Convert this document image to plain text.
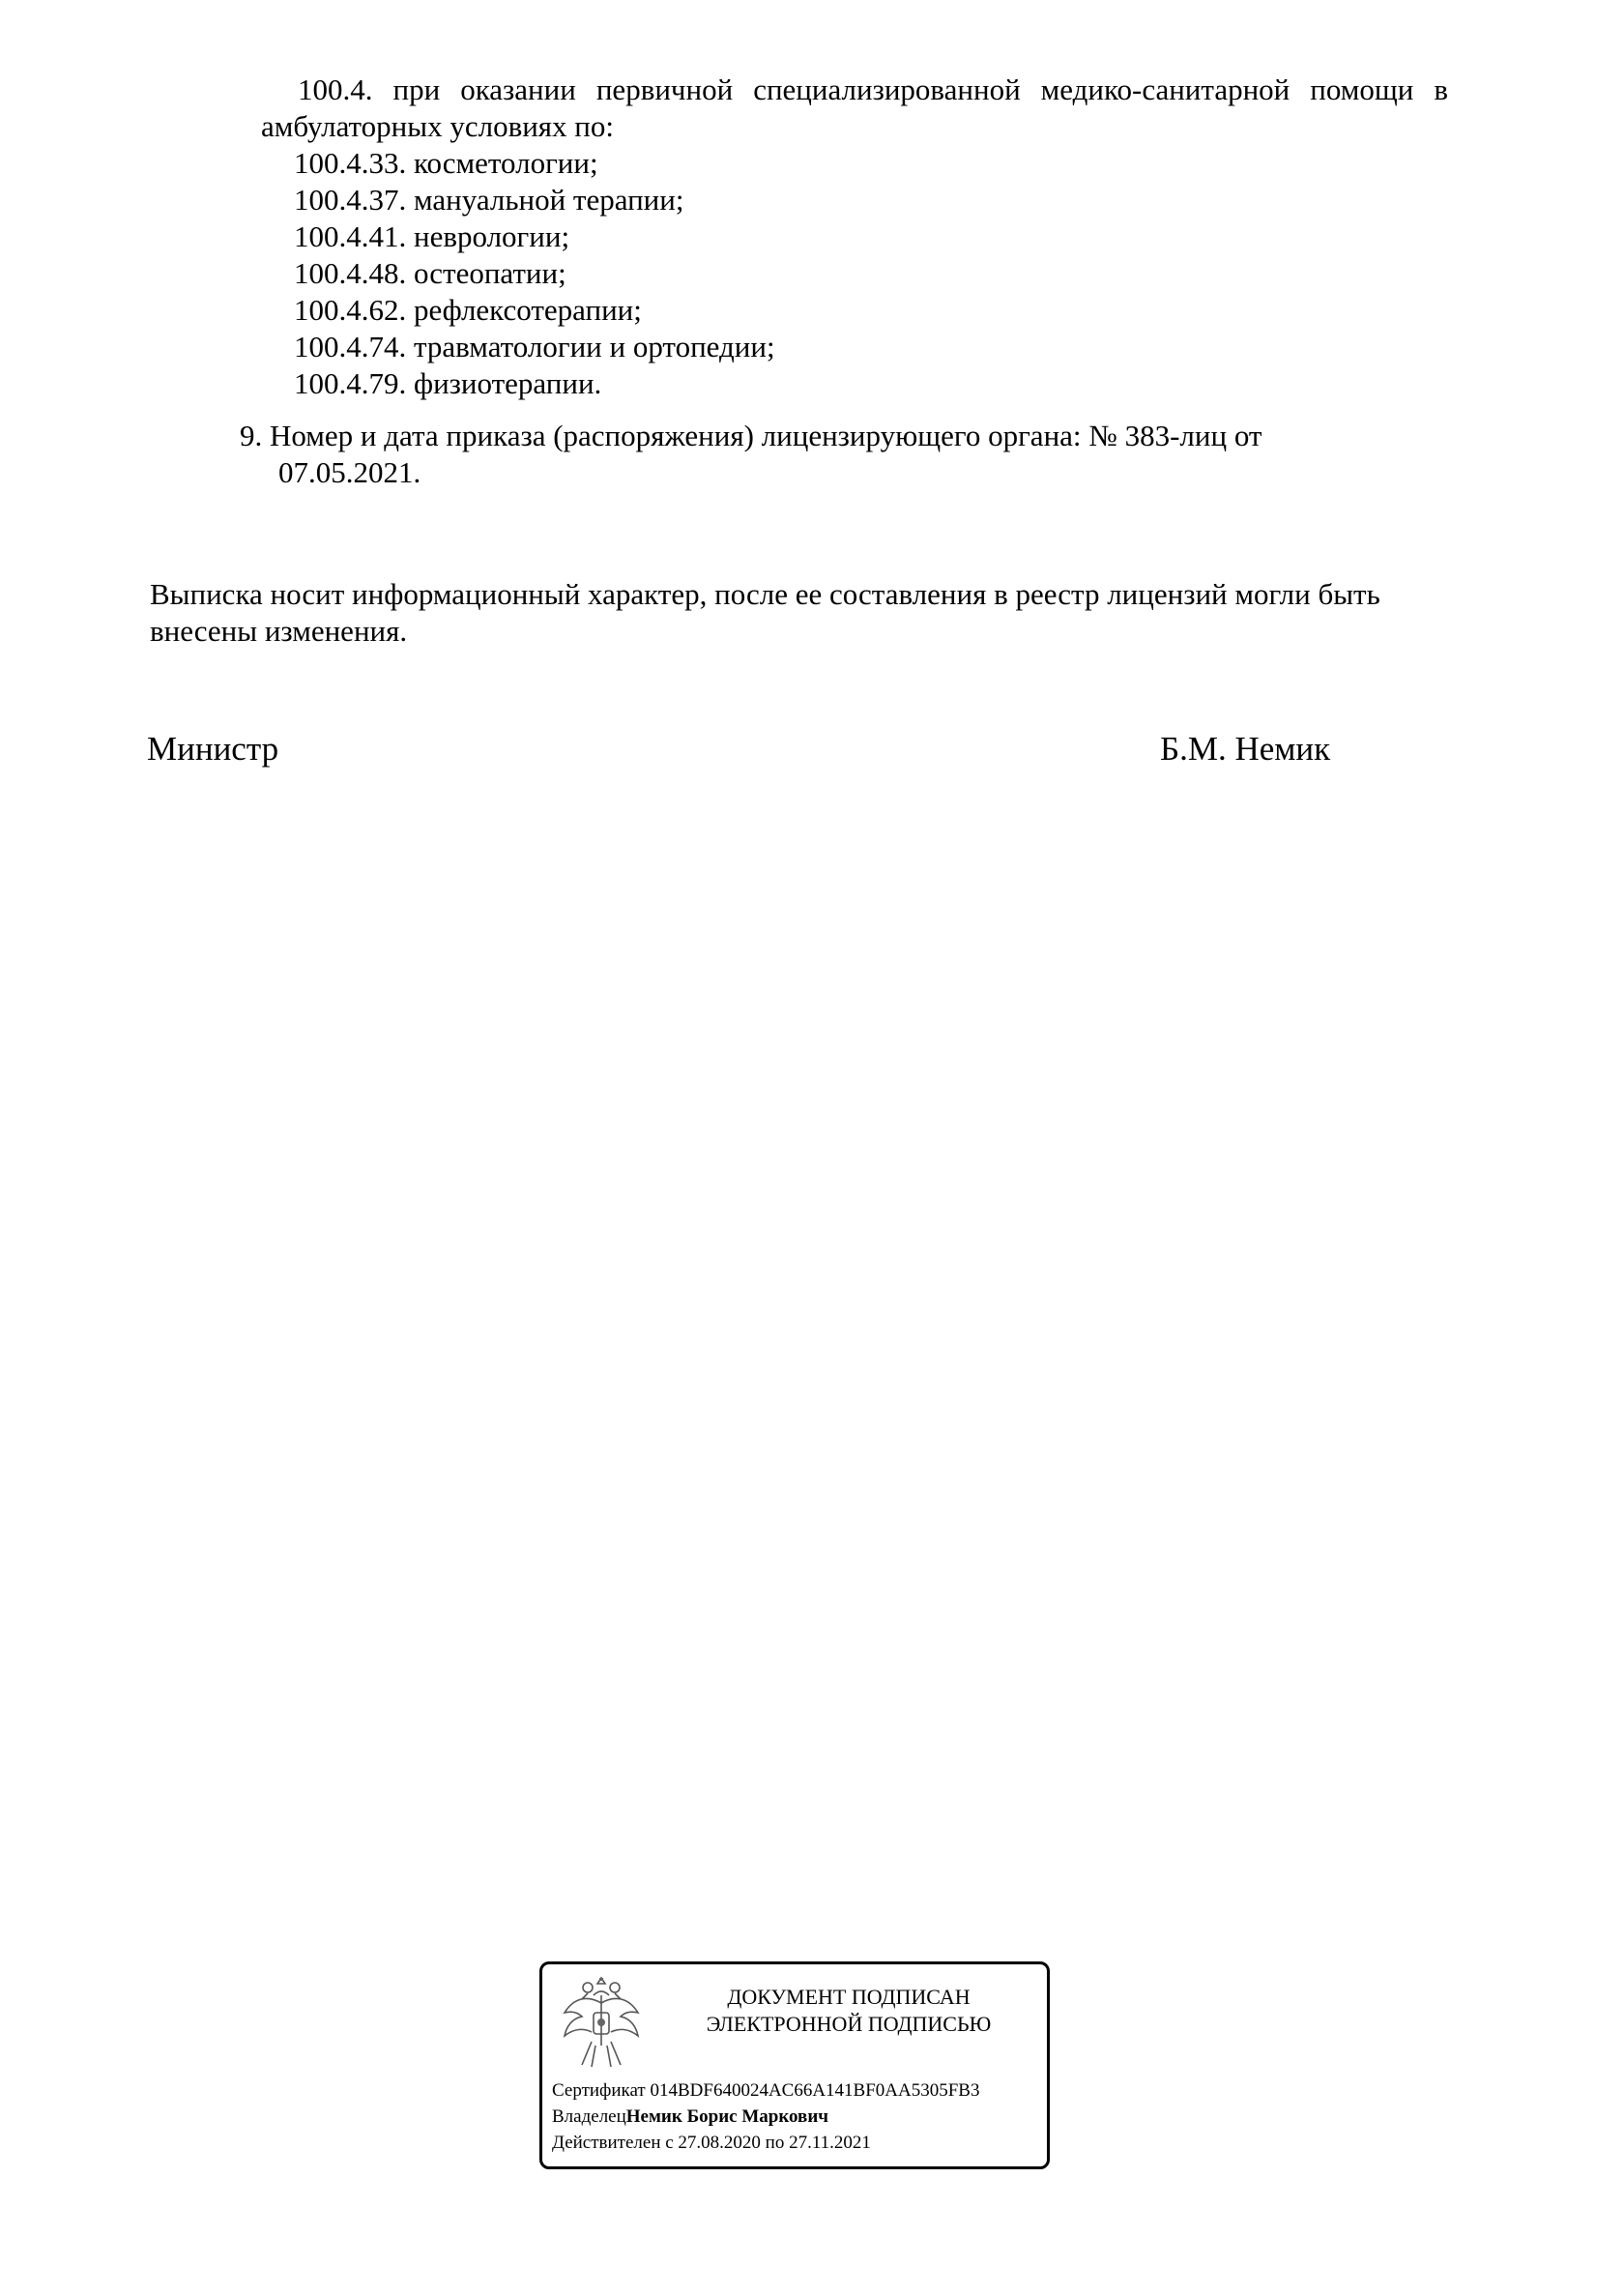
100.4. при оказании первичной специализированной медико-санитарной помощи в амбулаторных условиях по:
100.4.33. косметологии;
100.4.37. мануальной терапии;
100.4.41. неврологии;
100.4.48. остеопатии;
100.4.62. рефлексотерапии;
100.4.74. травматологии и ортопедии;
100.4.79. физиотерапии.
9. Номер и дата приказа (распоряжения) лицензирующего органа: № 383-лиц от
07.05.2021.
Выписка носит информационный характер, после ее составления в реестр лицензий могли быть внесены изменения.
Министр	Б.М. Немик
ДОКУМЕНТ ПОДПИСАН
ЭЛЕКТРОННОЙ ПОДПИСЬЮ
Сертификат 014BDF640024AC66A141BF0AA5305FB3
ВладелецНемик Борис Маркович
Действителен с 27.08.2020 по 27.11.2021
